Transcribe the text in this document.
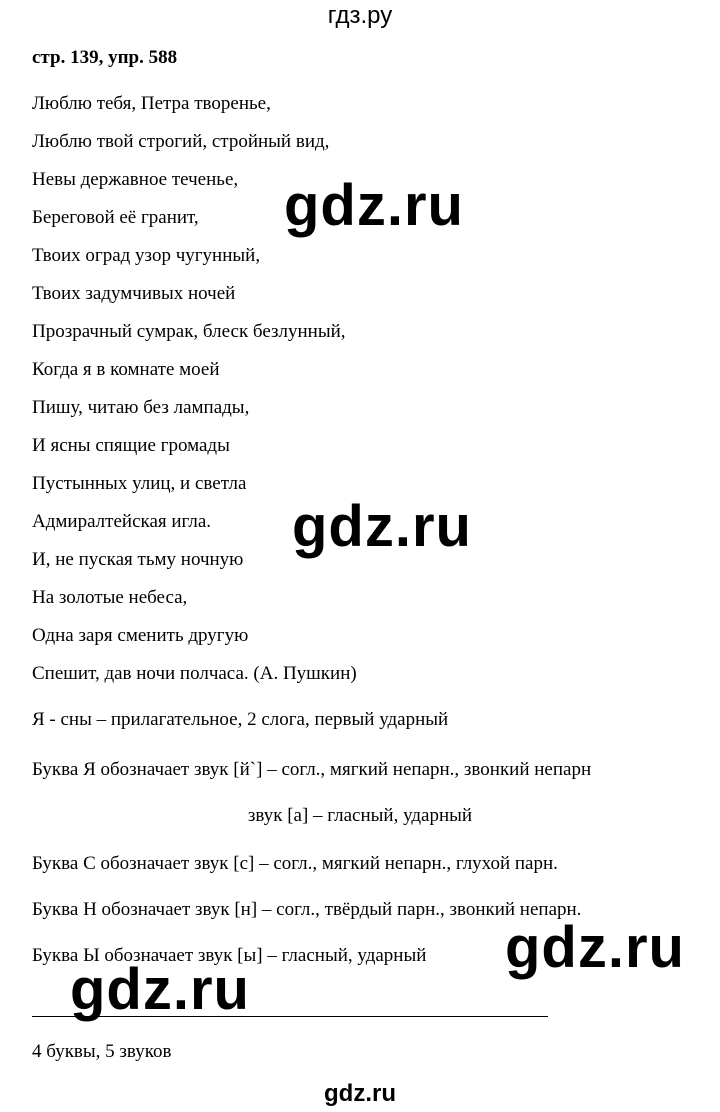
гдз.ру
стр. 139, упр. 588
Люблю тебя, Петра творенье,
Люблю твой строгий, стройный вид,
Невы державное теченье,
Береговой её гранит,
Твоих оград узор чугунный,
Твоих задумчивых ночей
Прозрачный сумрак, блеск безлунный,
Когда я в комнате моей
Пишу, читаю без лампады,
И ясны спящие громады
Пустынных улиц, и светла
Адмиралтейская игла.
И, не пуская тьму ночную
На золотые небеса,
Одна заря сменить другую
Спешит, дав ночи полчаса. (А. Пушкин)
Я - сны – прилагательное, 2 слога, первый ударный
Буква Я обозначает звук [й`] – согл., мягкий непарн., звонкий непарн
звук [а] – гласный, ударный
Буква С обозначает звук [с] – согл., мягкий непарн., глухой парн.
Буква Н обозначает звук [н] – согл., твёрдый парн., звонкий непарн.
Буква Ы обозначает звук [ы] – гласный, ударный
4 буквы, 5 звуков
gdz.ru
gdz.ru
gdz.ru
gdz.ru
gdz.ru
